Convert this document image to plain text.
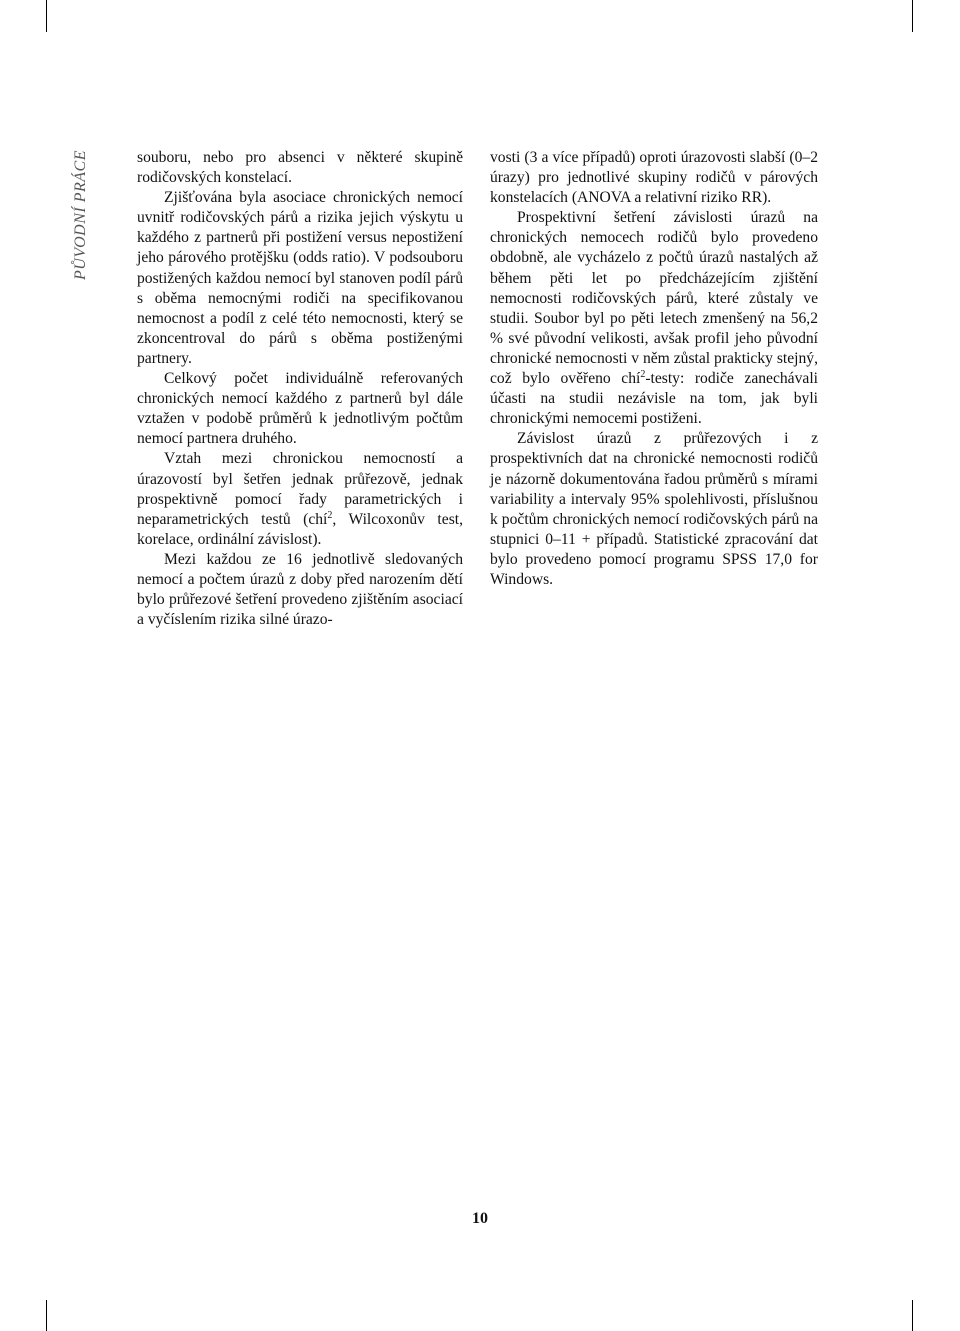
PŮVODNÍ PRÁCE	souboru, nebo pro absenci v některé skupině rodičovských konstelací.

Zjišťována byla asociace chronických nemocí uvnitř rodičovských párů a rizika jejich výskytu u každého z partnerů při postižení versus nepostižení jeho párového protějšku (odds ratio). V podsouboru postižených každou nemocí byl stanoven podíl párů s oběma nemocnými rodiči na specifikovanou nemocnost a podíl z celé této nemocnosti, který se zkoncentroval do párů s oběma postiženými partnery.

Celkový počet individuálně referovaných chronických nemocí každého z partnerů byl dále vztažen v podobě průměrů k jednotlivým počtům nemocí partnera druhého.

Vztah mezi chronickou nemocností a úrazovostí byl šetřen jednak průřezově, jednak prospektivně pomocí řady parametrických i neparametrických testů (chí$^2$, Wilcoxonův test, korelace, ordinální závislost).

Mezi každou ze 16 jednotlivě sledovaných nemocí a počtem úrazů z doby před narozením dětí bylo průřezové šetření provedeno zjištěním asociací a vyčíslením rizika silné úrazo-

vosti (3 a více případů) oproti úrazovosti slabší (0–2 úrazy) pro jednotlivé skupiny rodičů v párových konstelacích (ANOVA a relativní riziko RR).

Prospektivní šetření závislosti úrazů na chronických nemocech rodičů bylo provedeno obdobně, ale vycházelo z počtů úrazů nastalých až během pěti let po předcházejícím zjištění nemocnosti rodičovských párů, které zůstaly ve studii. Soubor byl po pěti letech zmenšený na 56,2 % své původní velikosti, avšak profil jeho původní chronické nemocnosti v něm zůstal prakticky stejný, což bylo ověřeno chí$^2$-testy: rodiče zanechávali účasti na studii nezávisle na tom, jak byli chronickými nemocemi postiženi.

Závislost úrazů z průřezových i z prospektivních dat na chronické nemocnosti rodičů je názorně dokumentována řadou průměrů s mírami variability a intervaly 95% spolehlivosti, příslušnou k počtům chronických nemocí rodičovských párů na stupnici 0–11 + případů. Statistické zpracování dat bylo provedeno pomocí programu SPSS 17,0 for Windows.

10
